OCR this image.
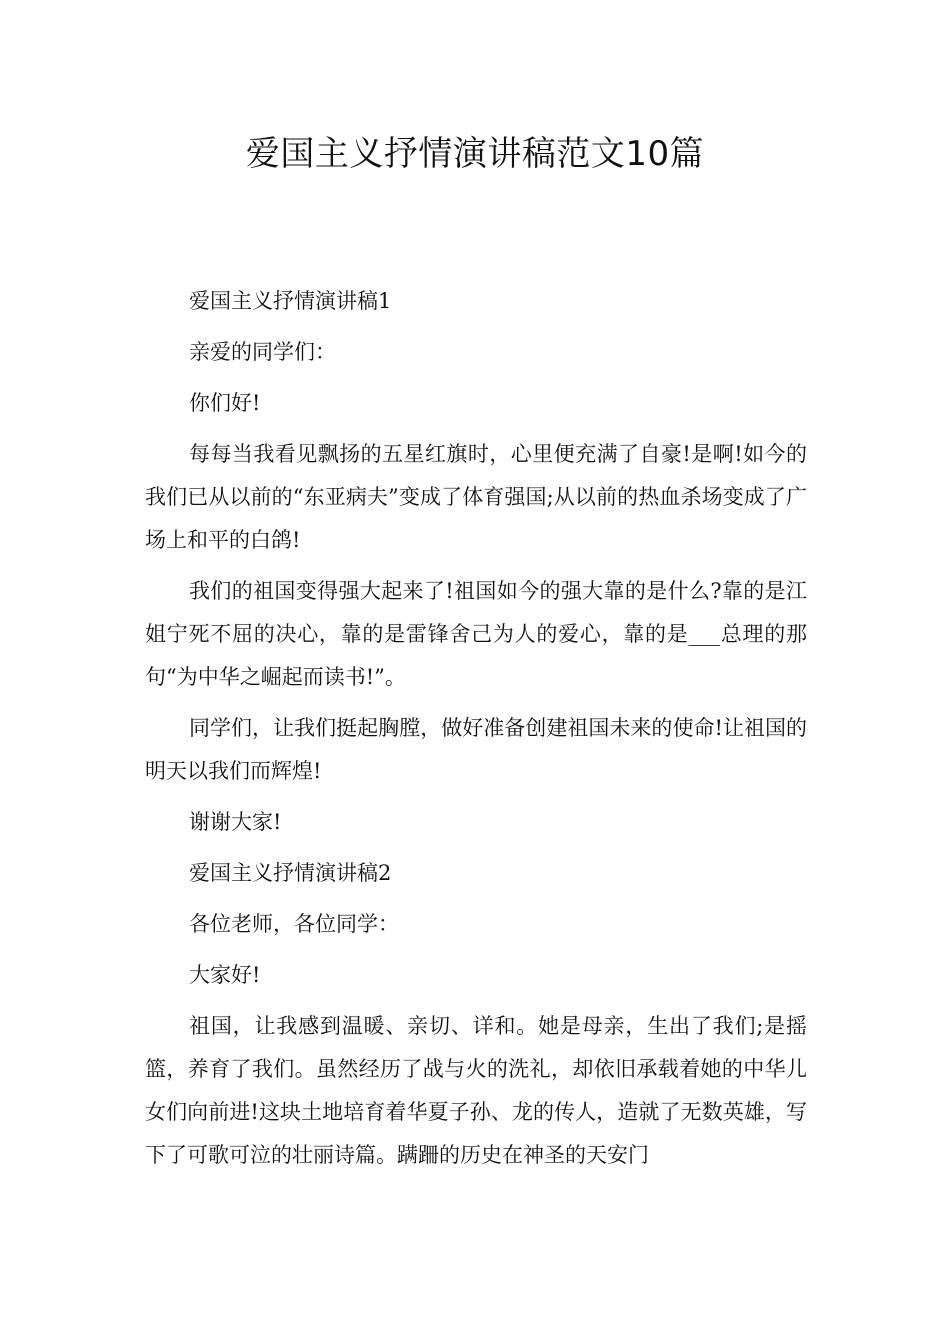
爱国主义抒情演讲稿范文10篇

爱国主义抒情演讲稿1

亲爱的同学们：

你们好!

每每当我看见飘扬的五星红旗时，心里便充满了自豪!是啊!如今的我们已从以前的“东亚病夫”变成了体育强国;从以前的热血杀场变成了广场上和平的白鸽!

我们的祖国变得强大起来了!祖国如今的强大靠的是什么?靠的是江姐宁死不屈的决心，靠的是雷锋舍己为人的爱心，靠的是___总理的那句“为中华之崛起而读书!”。

同学们，让我们挺起胸膛，做好准备创建祖国未来的使命!让祖国的明天以我们而辉煌!

谢谢大家!

爱国主义抒情演讲稿2

各位老师，各位同学：

大家好!

祖国，让我感到温暖、亲切、详和。她是母亲，生出了我们;是摇篮，养育了我们。虽然经历了战与火的洗礼，却依旧承载着她的中华儿女们向前进!这块土地培育着华夏子孙、龙的传人，造就了无数英雄，写下了可歌可泣的壮丽诗篇。蹒跚的历史在神圣的天安门
